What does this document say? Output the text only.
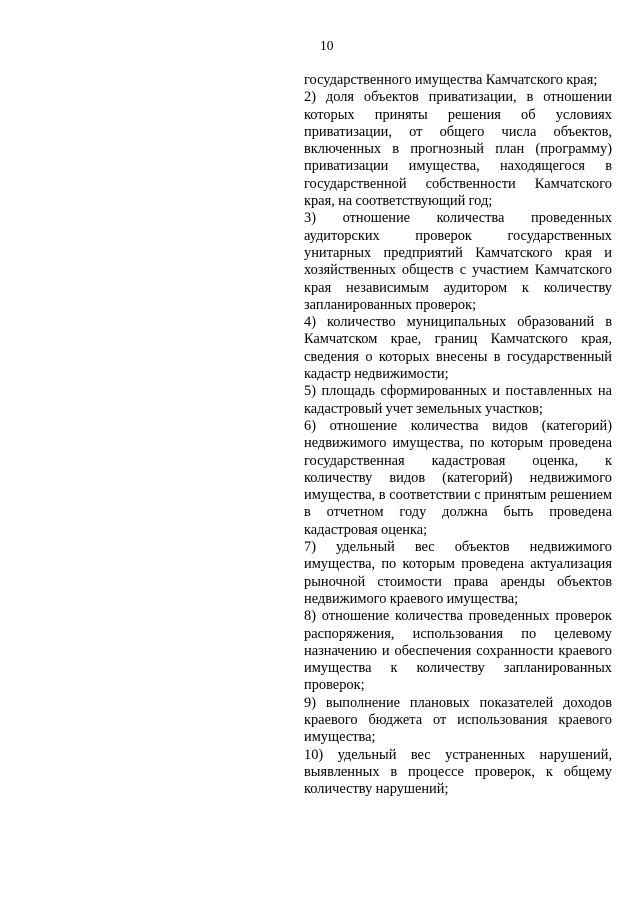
10

государственного имущества Камчатского края;

2) доля объектов приватизации, в отношении которых приняты решения об условиях приватизации, от общего числа объектов, включенных в прогнозный план (программу) приватизации имущества, находящегося в государственной собственности Камчатского края, на соответствующий год;

3) отношение количества проведенных аудиторских проверок государственных унитарных предприятий Камчатского края и хозяйственных обществ с участием Камчатского края независимым аудитором к количеству запланированных проверок;

4) количество муниципальных образований в Камчатском крае, границ Камчатского края, сведения о которых внесены в государственный кадастр недвижимости;

5) площадь сформированных и поставленных на кадастровый учет земельных участков;

6) отношение количества видов (категорий) недвижимого имущества, по которым проведена государственная кадастровая оценка, к количеству видов (категорий) недвижимого имущества, в соответствии с принятым решением в отчетном году должна быть проведена кадастровая оценка;

7) удельный вес объектов недвижимого имущества, по которым проведена актуализация рыночной стоимости права аренды объектов недвижимого краевого имущества;

8) отношение количества проведенных проверок распоряжения, использования по целевому назначению и обеспечения сохранности краевого имущества к количеству запланированных проверок;

9) выполнение плановых показателей доходов краевого бюджета от использования краевого имущества;

10) удельный вес устраненных нарушений, выявленных в процессе проверок, к общему количеству нарушений;
